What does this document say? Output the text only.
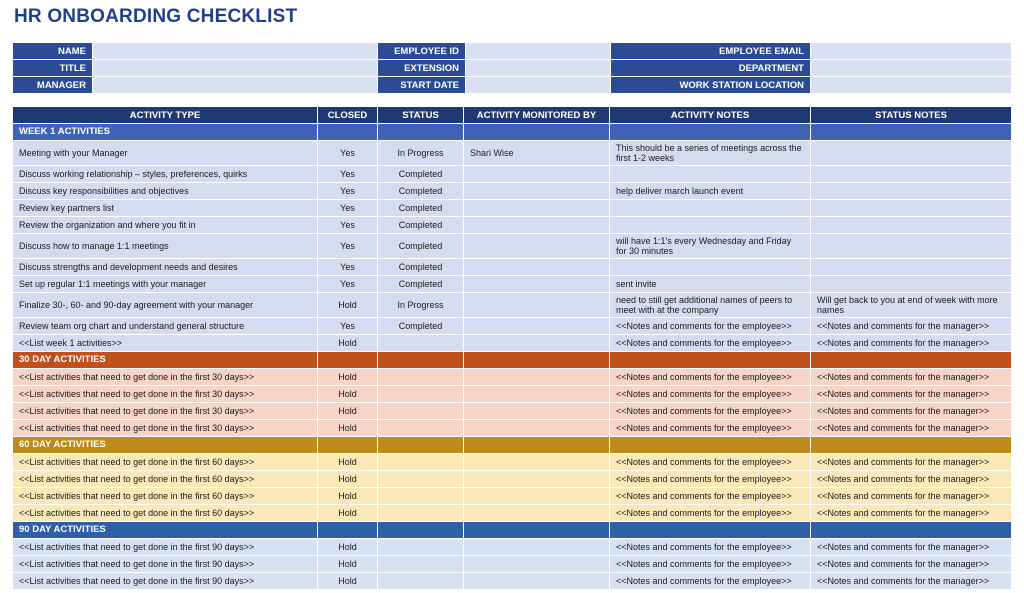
HR ONBOARDING CHECKLIST
NAME		EMPLOYEE ID		EMPLOYEE EMAIL	
TITLE		EXTENSION		DEPARTMENT	
MANAGER		START DATE		WORK STATION LOCATION	
ACTIVITY TYPE	CLOSED	STATUS	ACTIVITY MONITORED BY	ACTIVITY NOTES	STATUS NOTES
WEEK 1 ACTIVITIES					
Meeting with your Manager	Yes	In Progress	Shari Wise	This should be a series of meetings across the first 1-2 weeks	
Discuss working relationship – styles, preferences, quirks	Yes	Completed			
Discuss key responsibilities and objectives	Yes	Completed		help deliver march launch event	
Review key partners list	Yes	Completed			
Review the organization and where you fit in	Yes	Completed			
Discuss how to manage 1:1 meetings	Yes	Completed		will have 1:1's every Wednesday and Friday for 30 minutes	
Discuss strengths and development needs and desires	Yes	Completed			
Set up regular 1:1 meetings with your manager	Yes	Completed		sent invite	
Finalize 30-, 60- and 90-day agreement with your manager	Hold	In Progress		need to still get additional names of peers to meet with at the company	Will get back to you at end of week with more names
Review team org chart and understand general structure	Yes	Completed		<<Notes and comments for the employee>>	<<Notes and comments for the manager>>
<<List week 1 activities>>	Hold			<<Notes and comments for the employee>>	<<Notes and comments for the manager>>
30 DAY ACTIVITIES					
<<List activities that need to get done in the first 30 days>>	Hold			<<Notes and comments for the employee>>	<<Notes and comments for the manager>>
<<List activities that need to get done in the first 30 days>>	Hold			<<Notes and comments for the employee>>	<<Notes and comments for the manager>>
<<List activities that need to get done in the first 30 days>>	Hold			<<Notes and comments for the employee>>	<<Notes and comments for the manager>>
<<List activities that need to get done in the first 30 days>>	Hold			<<Notes and comments for the employee>>	<<Notes and comments for the manager>>
60 DAY ACTIVITIES					
<<List activities that need to get done in the first 60 days>>	Hold			<<Notes and comments for the employee>>	<<Notes and comments for the manager>>
<<List activities that need to get done in the first 60 days>>	Hold			<<Notes and comments for the employee>>	<<Notes and comments for the manager>>
<<List activities that need to get done in the first 60 days>>	Hold			<<Notes and comments for the employee>>	<<Notes and comments for the manager>>
<<List activities that need to get done in the first 60 days>>	Hold			<<Notes and comments for the employee>>	<<Notes and comments for the manager>>
90 DAY ACTIVITIES					
<<List activities that need to get done in the first 90 days>>	Hold			<<Notes and comments for the employee>>	<<Notes and comments for the manager>>
<<List activities that need to get done in the first 90 days>>	Hold			<<Notes and comments for the employee>>	<<Notes and comments for the manager>>
<<List activities that need to get done in the first 90 days>>	Hold			<<Notes and comments for the employee>>	<<Notes and comments for the manager>>
